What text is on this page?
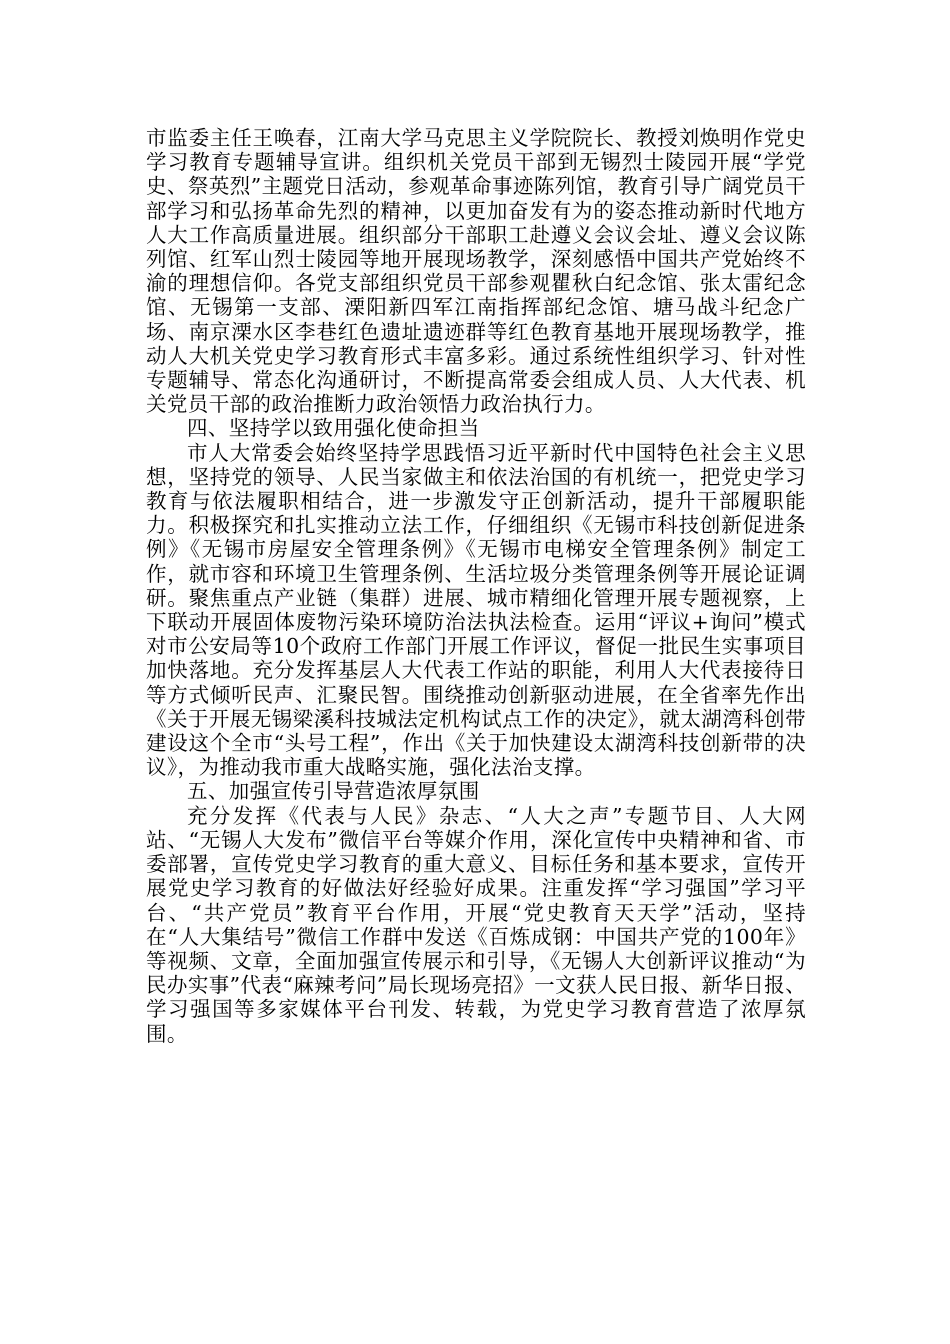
市监委主任王唤春，江南大学马克思主义学院院长、教授刘焕明作党史学习教育专题辅导宣讲。组织机关党员干部到无锡烈士陵园开展“学党史、祭英烈”主题党日活动，参观革命事迹陈列馆，教育引导广阔党员干部学习和弘扬革命先烈的精神，以更加奋发有为的姿态推动新时代地方人大工作高质量进展。组织部分干部职工赴遵义会议会址、遵义会议陈列馆、红军山烈士陵园等地开展现场教学，深刻感悟中国共产党始终不渝的理想信仰。各党支部组织党员干部参观瞿秋白纪念馆、张太雷纪念馆、无锡第一支部、溧阳新四军江南指挥部纪念馆、塘马战斗纪念广场、南京溧水区李巷红色遗址遗迹群等红色教育基地开展现场教学，推动人大机关党史学习教育形式丰富多彩。通过系统性组织学习、针对性专题辅导、常态化沟通研讨，不断提高常委会组成人员、人大代表、机关党员干部的政治推断力政治领悟力政治执行力。

四、坚持学以致用强化使命担当

市人大常委会始终坚持学思践悟习近平新时代中国特色社会主义思想，坚持党的领导、人民当家做主和依法治国的有机统一，把党史学习教育与依法履职相结合，进一步激发守正创新活动，提升干部履职能力。积极探究和扎实推动立法工作，仔细组织《无锡市科技创新促进条例》《无锡市房屋安全管理条例》《无锡市电梯安全管理条例》制定工作，就市容和环境卫生管理条例、生活垃圾分类管理条例等开展论证调研。聚焦重点产业链（集群）进展、城市精细化管理开展专题视察，上下联动开展固体废物污染环境防治法执法检查。运用“评议+询问”模式对市公安局等10个政府工作部门开展工作评议，督促一批民生实事项目加快落地。充分发挥基层人大代表工作站的职能，利用人大代表接待日等方式倾听民声、汇聚民智。围绕推动创新驱动进展，在全省率先作出《关于开展无锡梁溪科技城法定机构试点工作的决定》，就太湖湾科创带建设这个全市“头号工程”，作出《关于加快建设太湖湾科技创新带的决议》，为推动我市重大战略实施，强化法治支撑。

五、加强宣传引导营造浓厚氛围

充分发挥《代表与人民》杂志、“人大之声”专题节目、人大网站、“无锡人大发布”微信平台等媒介作用，深化宣传中央精神和省、市委部署，宣传党史学习教育的重大意义、目标任务和基本要求，宣传开展党史学习教育的好做法好经验好成果。注重发挥“学习强国”学习平台、“共产党员”教育平台作用，开展“党史教育天天学”活动，坚持在“人大集结号”微信工作群中发送《百炼成钢：中国共产党的100年》等视频、文章，全面加强宣传展示和引导，《无锡人大创新评议推动“为民办实事”代表“麻辣考问”局长现场亮招》一文获人民日报、新华日报、学习强国等多家媒体平台刊发、转载，为党史学习教育营造了浓厚氛围。
